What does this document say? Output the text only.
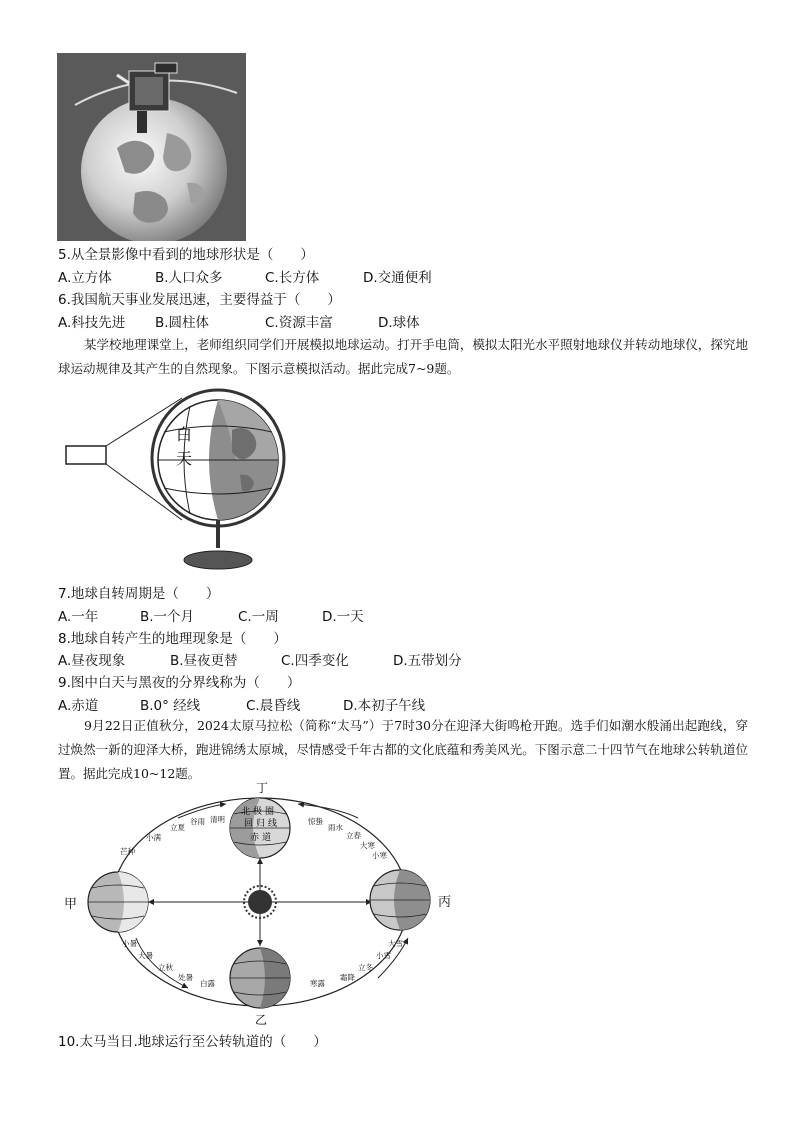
5.从全景影像中看到的地球形状是（　　）
A.立方体	B.人口众多	C.长方体	D.交通便利
6.我国航天事业发展迅速，主要得益于（　　）
A.科技先进 B.圆柱体	C.资源丰富	D.球体
某学校地理课堂上，老师组织同学们开展模拟地球运动。打开手电筒，模拟太阳光水平照射地球仪并转动地球仪，探究地球运动规律及其产生的自然现象。下图示意模拟活动。据此完成7~9题。
白
天
7.地球自转周期是（　　）
A.一年	B.一个月	C.一周	D.一天
8.地球自转产生的地理现象是（　　）
A.昼夜现象	B.昼夜更替	C.四季变化	D.五带划分
9.图中白天与黑夜的分界线称为（　　）
A.赤道	B.0° 经线	C.晨昏线	D.本初子午线
9月22日正值秋分，2024太原马拉松（简称“太马”）于7时30分在迎泽大街鸣枪开跑。选手们如潮水般涌出起跑线，穿过焕然一新的迎泽大桥，跑进锦绣太原城，尽情感受千年古都的文化底蕴和秀美风光。下图示意二十四节气在地球公转轨道位置。据此完成10~12题。
丁
北 极 圈
回 归 线
赤 道
甲	丙
乙
芒种
小满
立夏
谷雨 清明	惊蛰
雨水
立春
大寒
小寒
小暑
大暑
立秋
处暑
白露
大雪
小雪
立冬
霜降
寒露
10.太马当日.地球运行至公转轨道的（　　）
